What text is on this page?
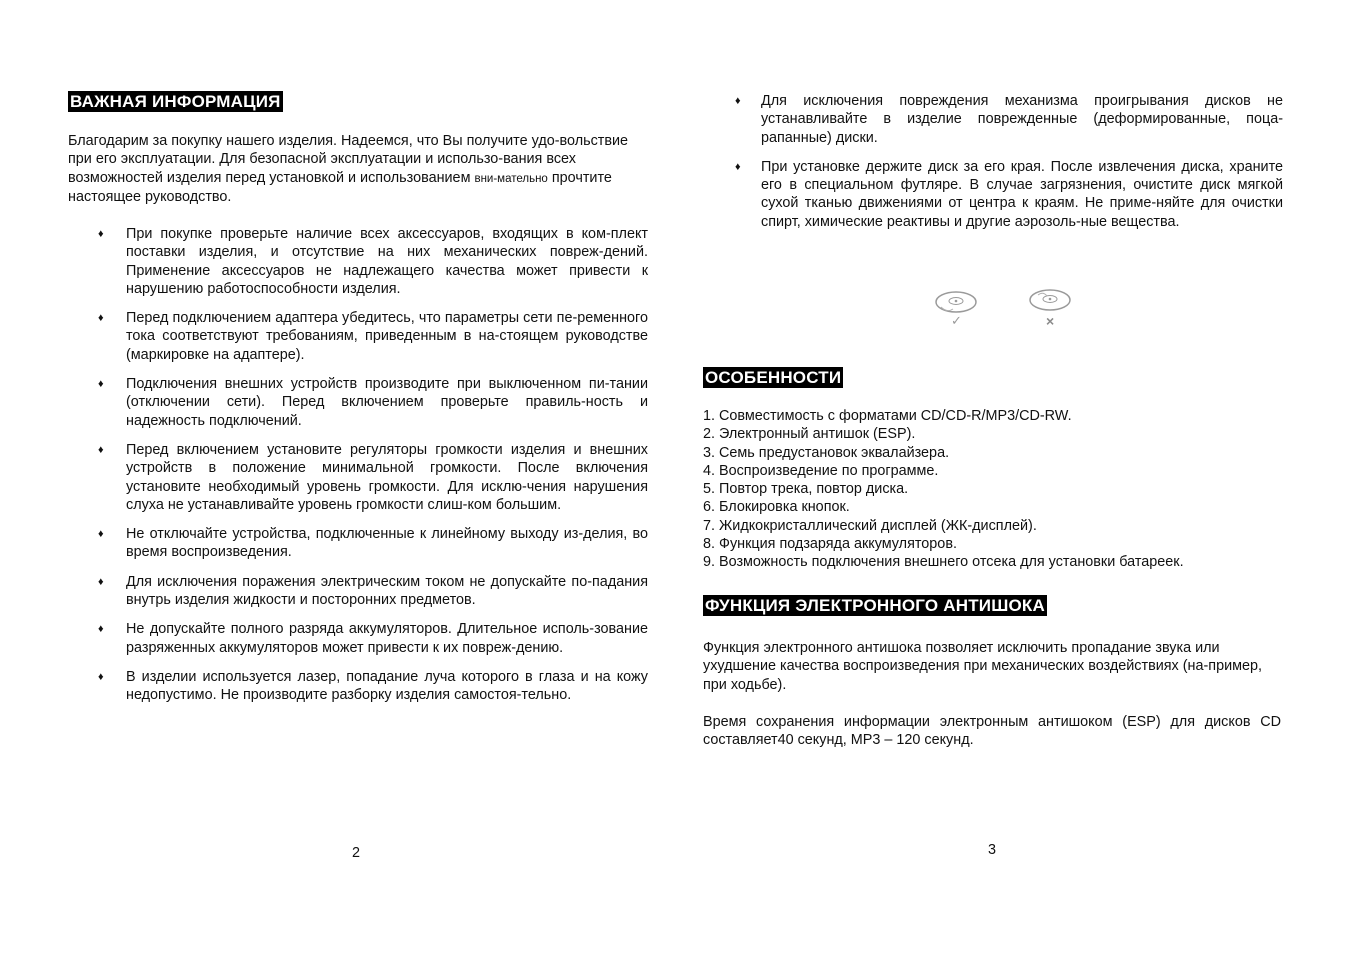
ВАЖНАЯ ИНФОРМАЦИЯ

Благодарим за покупку нашего изделия. Надеемся, что Вы получите удо-вольствие при его эксплуатации. Для безопасной эксплуатации и использо-вания всех возможностей изделия перед установкой и использованием вни-мательно прочтите настоящее руководство.

♦ При покупке проверьте наличие всех аксессуаров, входящих в ком-плект поставки изделия, и отсутствие на них механических повреж-дений. Применение аксессуаров не надлежащего качества может привести к нарушению работоспособности изделия.
♦ Перед подключением адаптера убедитесь, что параметры сети пе-ременного тока соответствуют требованиям, приведенным в на-стоящем руководстве (маркировке на адаптере).
♦ Подключения внешних устройств производите при выключенном пи-тании (отключении сети). Перед включением проверьте правиль-ность и надежность подключений.
♦ Перед включением установите регуляторы громкости изделия и внешних устройств в положение минимальной громкости. После включения установите необходимый уровень громкости. Для исклю-чения нарушения слуха не устанавливайте уровень громкости слиш-ком большим.
♦ Не отключайте устройства, подключенные к линейному выходу из-делия, во время воспроизведения.
♦ Для исключения поражения электрическим током не допускайте по-падания внутрь изделия жидкости и посторонних предметов.
♦ Не допускайте полного разряда аккумуляторов. Длительное исполь-зование разряженных аккумуляторов может привести к их повреж-дению.
♦ В изделии используется лазер, попадание луча которого в глаза и на кожу недопустимо. Не производите разборку изделия самостоя-тельно.
2
♦ Для исключения повреждения механизма проигрывания дисков не устанавливайте в изделие поврежденные (деформированные, поца-рапанные) диски.
♦ При установке держите диск за его края. После извлечения диска, храните его в специальном футляре. В случае загрязнения, очистите диск мягкой сухой тканью движениями от центра к краям. Не приме-няйте для очистки спирт, химические реактивы и другие аэрозоль-ные вещества.
✓	×
ОСОБЕННОСТИ
1. Совместимость с форматами CD/CD-R/MP3/CD-RW.
2. Электронный антишок (ESP).
3. Семь предустановок эквалайзера.
4. Воспроизведение по программе.
5. Повтор трека, повтор диска.
6. Блокировка кнопок.
7. Жидкокристаллический дисплей (ЖК-дисплей).
8. Функция подзаряда аккумуляторов.
9. Возможность подключения внешнего отсека для установки батареек.
ФУНКЦИЯ ЭЛЕКТРОННОГО АНТИШОКА

Функция электронного антишока позволяет исключить пропадание звука или ухудшение качества воспроизведения при механических воздействиях (на-пример, при ходьбе).

Время сохранения информации электронным антишоком (ESP) для дисков CD составляет40 секунд, MP3 – 120 секунд.

3
